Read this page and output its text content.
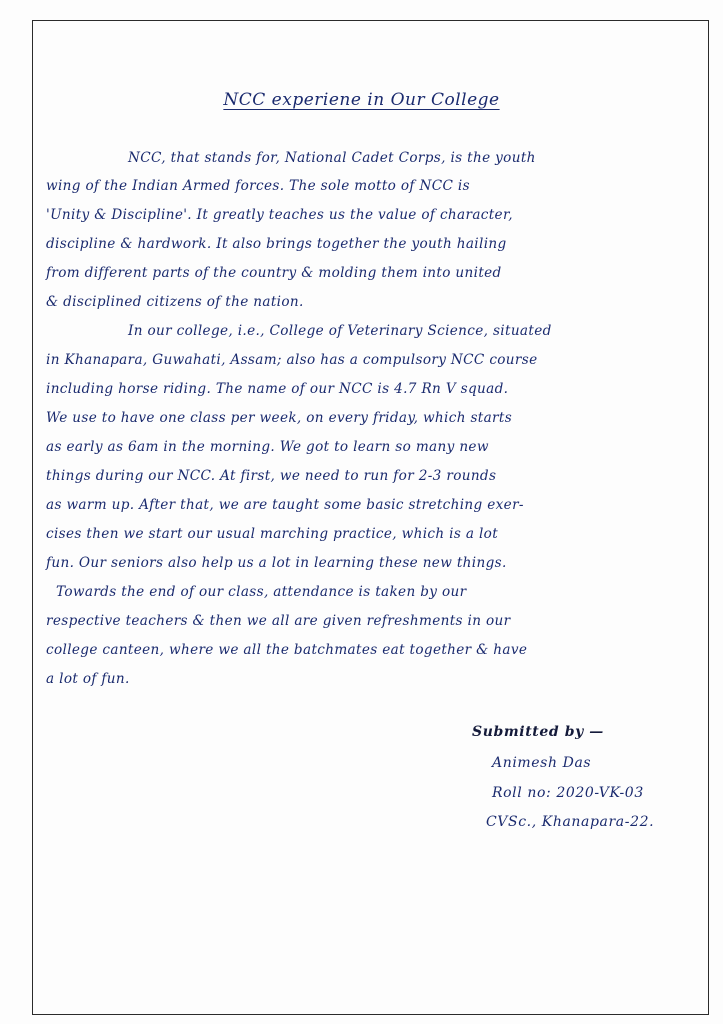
NCC experiene in Our College
NCC, that stands for, National Cadet Corps, is the youth
wing of the Indian Armed forces. The sole motto of NCC is
'Unity & Discipline'. It greatly teaches us the value of character,
discipline & hardwork. It also brings together the youth hailing
from different parts of the country & molding them into united
& disciplined citizens of the nation.
In our college, i.e., College of Veterinary Science, situated
in Khanapara, Guwahati, Assam; also has a compulsory NCC course
including horse riding. The name of our NCC is 4.7 Rn V squad.
We use to have one class per week, on every friday, which starts
as early as 6am in the morning. We got to learn so many new
things during our NCC. At first, we need to run for 2-3 rounds
as warm up. After that, we are taught some basic stretching exer-
cises then we start our usual marching practice, which is a lot
fun. Our seniors also help us a lot in learning these new things.
Towards the end of our class, attendance is taken by our
respective teachers & then we all are given refreshments in our
college canteen, where we all the batchmates eat together & have
a lot of fun.
Submitted by —
Animesh Das
Roll no: 2020-VK-03
CVSc., Khanapara-22.
